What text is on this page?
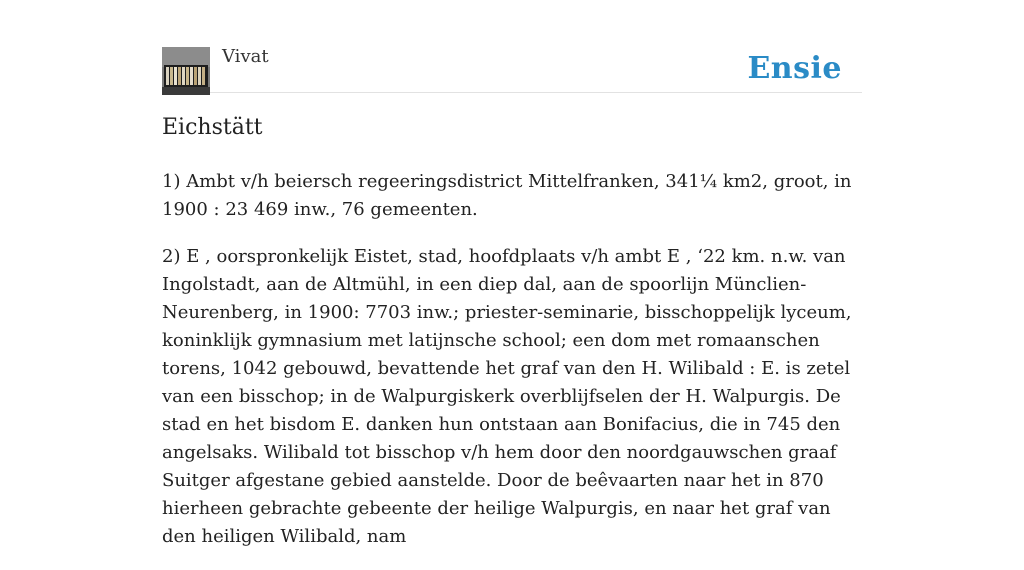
Vivat	Ensie
Eichstätt

1) Ambt v/h beiersch regeeringsdistrict Mittelfranken, 341¼ km2, groot, in 1900 : 23 469 inw., 76 gemeenten.

2) E , oorspronkelijk Eistet, stad, hoofdplaats v/h ambt E , ‘22 km. n.w. van Ingolstadt, aan de Altmühl, in een diep dal, aan de spoorlijn Münclien-Neurenberg, in 1900: 7703 inw.; priester-seminarie, bisschoppelijk lyceum, koninklijk gymnasium met latijnsche school; een dom met romaanschen torens, 1042 gebouwd, bevattende het graf van den H. Wilibald : E. is zetel van een bisschop; in de Walpurgiskerk overblijfselen der H. Walpurgis. De stad en het bisdom E. danken hun ontstaan aan Bonifacius, die in 745 den angelsaks. Wilibald tot bisschop v/h hem door den noordgauwschen graaf Suitger afgestane gebied aanstelde. Door de beêvaarten naar het in 870 hierheen gebrachte gebeente der heilige Walpurgis, en naar het graf van den heiligen Wilibald, nam
